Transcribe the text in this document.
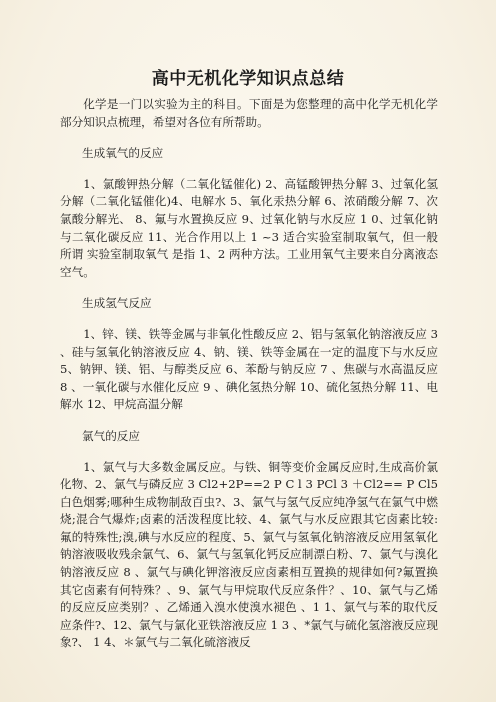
高中无机化学知识点总结

化学是一门以实验为主的科目。下面是为您整理的高中化学无机化学部分知识点梳理，希望对各位有所帮助。

生成氧气的反应

1、氯酸钾热分解（二氧化锰催化) 2、高锰酸钾热分解 3、过氧化氢分解（二氧化锰催化)4、电解水 5、氧化汞热分解 6、浓硝酸分解 7、次氯酸分解光、 8、氟与水置换反应 9、过氧化钠与水反应 1 0、过氧化钠与二氧化碳反应 11、光合作用以上 1 ~3 适合实验室制取氧气，但一般所谓 实验室制取氧气 是指 1、2 两种方法。工业用氧气主要来自分离液态空气。

生成氢气反应

1、锌、镁、铁等金属与非氧化性酸反应 2、铝与氢氧化钠溶液反应 3 、硅与氢氧化钠溶液反应 4、钠、镁、铁等金属在一定的温度下与水反应 5、钠钾、镁、铝、与醇类反应 6、苯酚与钠反应 7 、焦碳与水高温反应 8 、一氧化碳与水催化反应 9 、碘化氢热分解 10、硫化氢热分解 11、电解水 12、甲烷高温分解

氯气的反应

1、氯气与大多数金属反应。与铁、铜等变价金属反应时,生成高价氯化物、2、氯气与磷反应 3 Cl2+2P==2 P C l 3 PCl 3 ＋Cl2== P Cl5 白色烟雾;哪种生成物制敌百虫?、3、氯气与氢气反应纯净氢气在氯气中燃烧;混合气爆炸;卤素的活泼程度比较、4、氯气与水反应跟其它卤素比较:氟的特殊性;溴,碘与水反应的程度、5、氯气与氢氧化钠溶液反应用氢氧化钠溶液吸收残余氯气、6、氯气与氢氧化钙反应制漂白粉、7、氯气与溴化钠溶液反应 8 、氯气与碘化钾溶液反应卤素相互置换的规律如何?氟置换其它卤素有何特殊？、9、氯气与甲烷取代反应条件？、10、氯气与乙烯的反应反应类别？、乙烯通入溴水使溴水褪色 、1 1、氯气与苯的取代反应条件?、12、氯气与氯化亚铁溶液反应 1 3 、*氯气与硫化氢溶液反应现象?、 1 4、＊氯气与二氧化硫溶液反
